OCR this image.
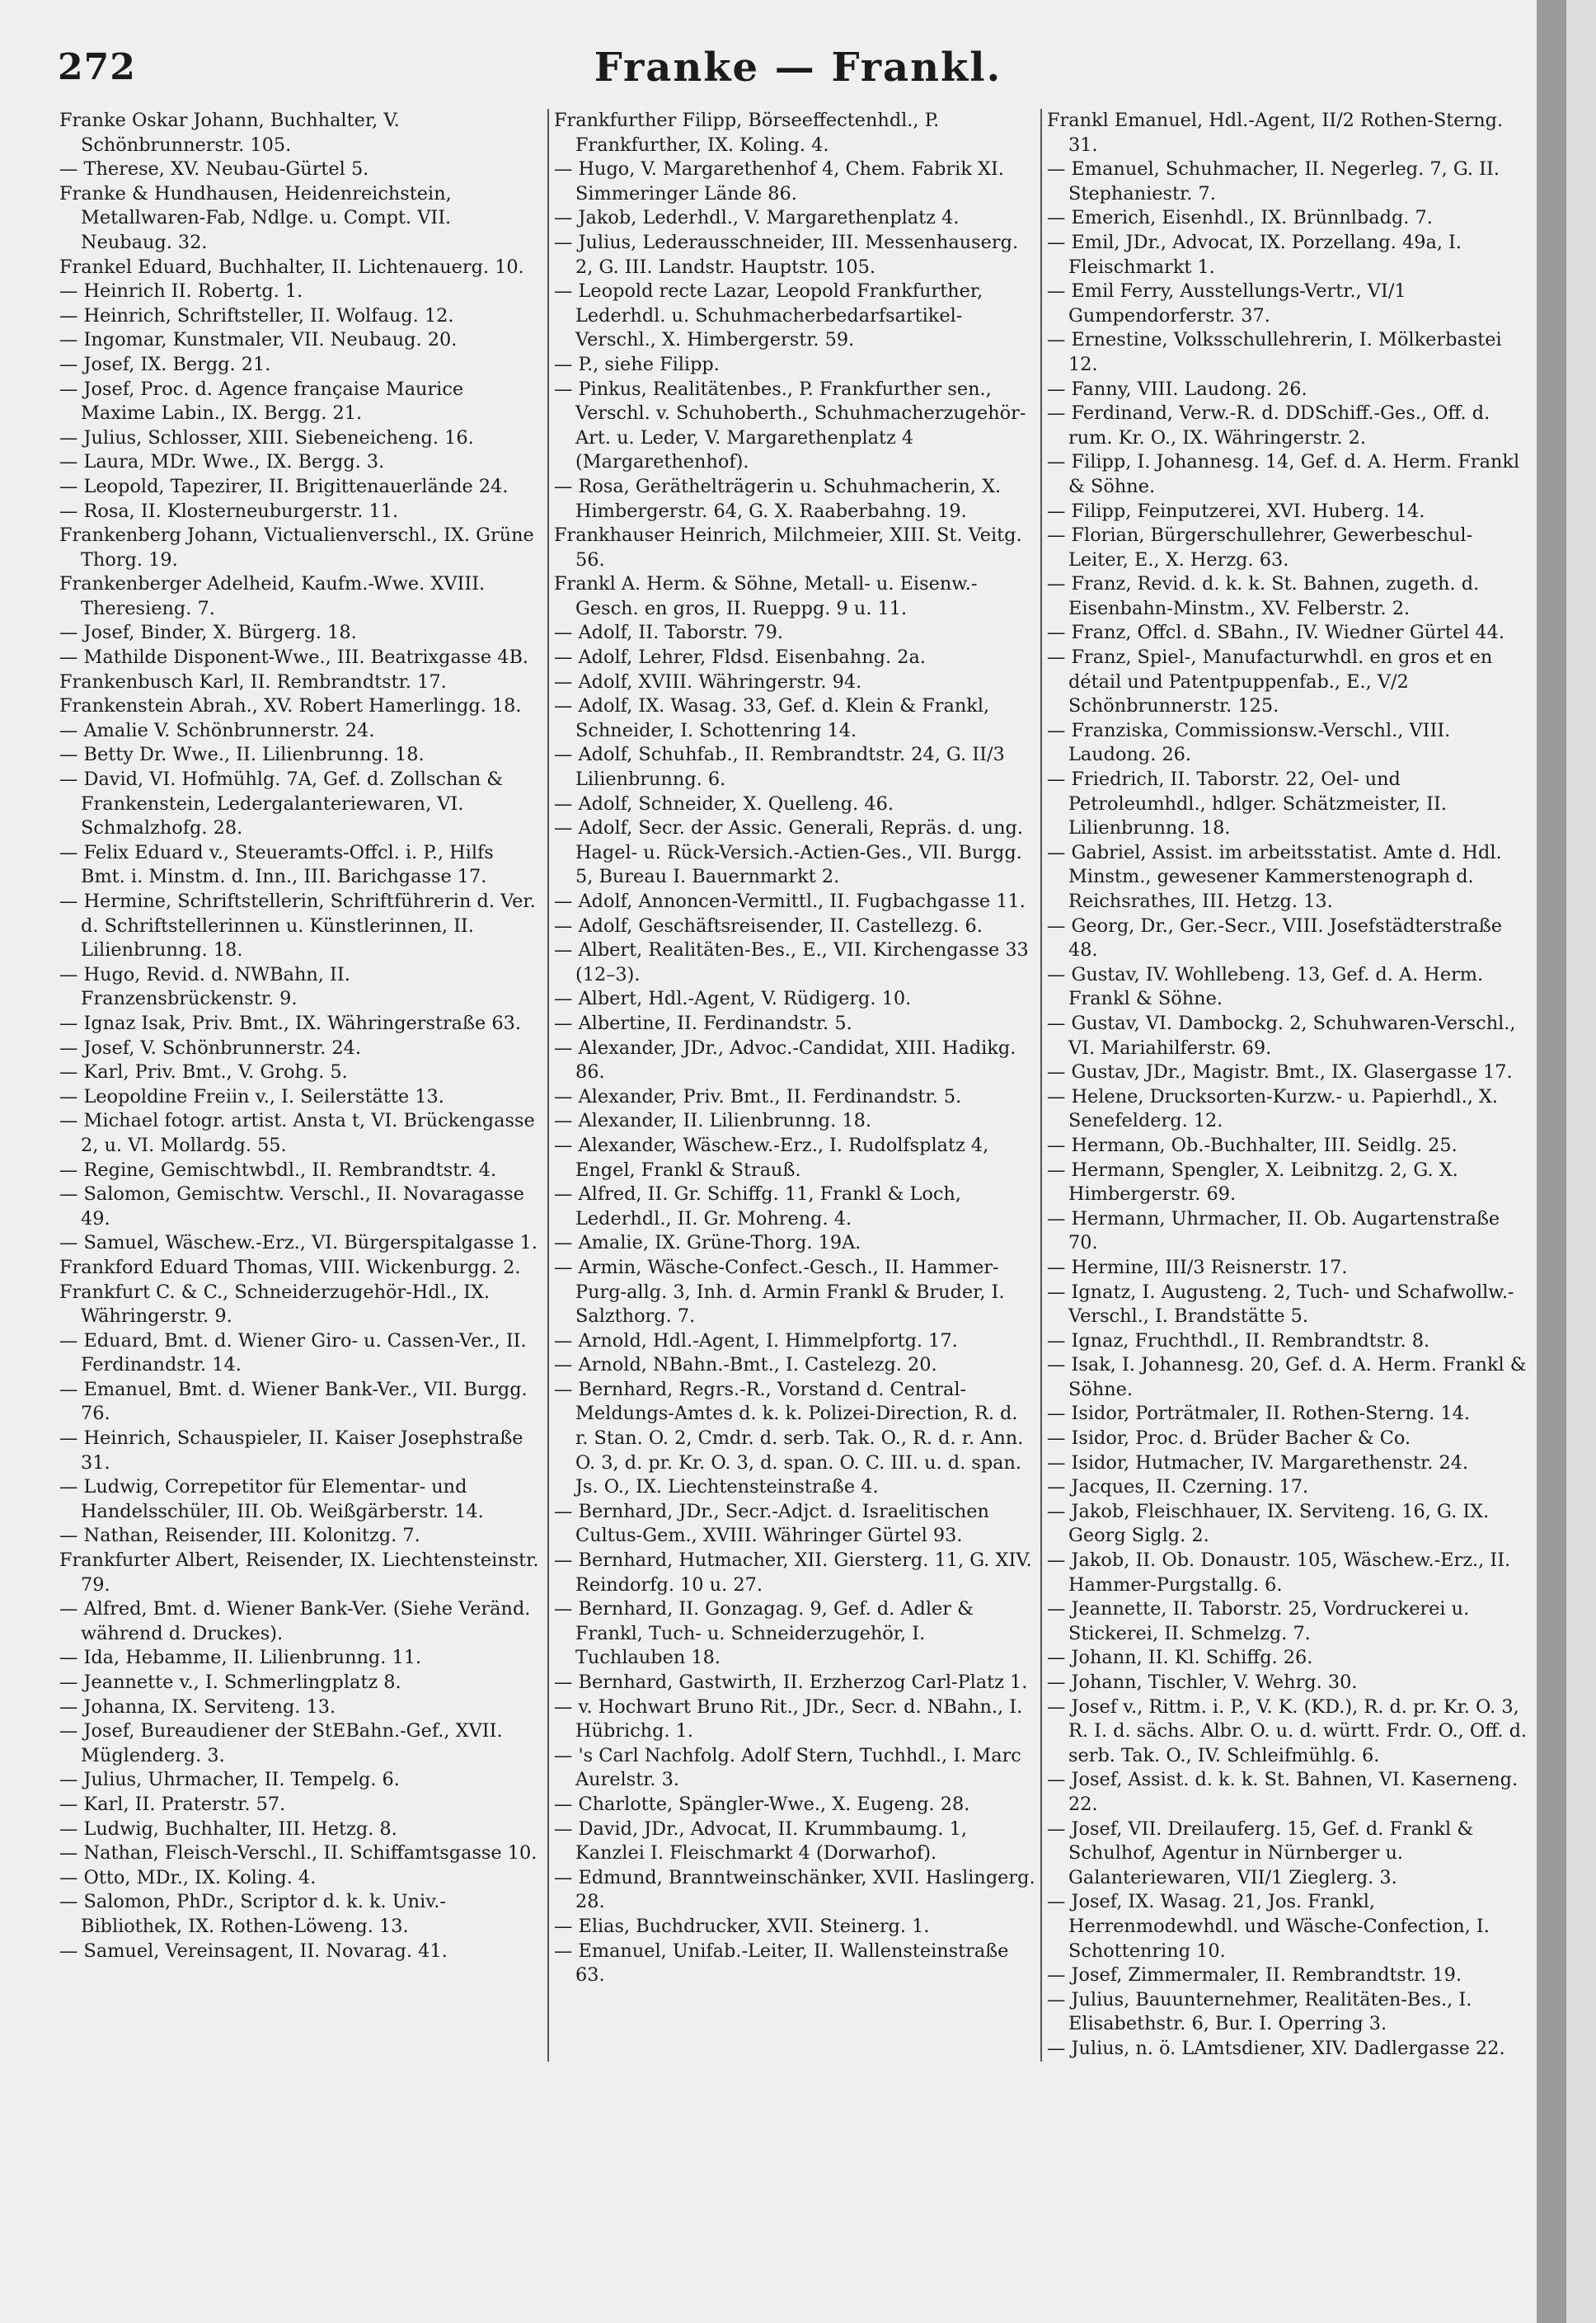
272	Franke — Frankl.
Franke Oskar Johann, Buchhalter, V. Schönbrunnerstr. 105.
— Therese, XV. Neubau-Gürtel 5.
Franke & Hundhausen, Heidenreichstein, Metallwaren-Fab, Ndlge. u. Compt. VII. Neubaug. 32.
Frankel Eduard, Buchhalter, II. Lichtenauerg. 10.
— Heinrich II. Robertg. 1.
— Heinrich, Schriftsteller, II. Wolfaug. 12.
— Ingomar, Kunstmaler, VII. Neubaug. 20.
— Josef, IX. Bergg. 21.
— Josef, Proc. d. Agence française Maurice Maxime Labin., IX. Bergg. 21.
— Julius, Schlosser, XIII. Siebeneicheng. 16.
— Laura, MDr. Wwe., IX. Bergg. 3.
— Leopold, Tapezirer, II. Brigittenauerlände 24.
— Rosa, II. Klosterneuburgerstr. 11.
Frankenberg Johann, Victualienverschl., IX. Grüne Thorg. 19.
Frankenberger Adelheid, Kaufm.-Wwe. XVIII. Theresieng. 7.
— Josef, Binder, X. Bürgerg. 18.
— Mathilde Disponent-Wwe., III. Beatrixgasse 4B.
Frankenbusch Karl, II. Rembrandtstr. 17.
Frankenstein Abrah., XV. Robert Hamerlingg. 18.
— Amalie V. Schönbrunnerstr. 24.
— Betty Dr. Wwe., II. Lilienbrunng. 18.
— David, VI. Hofmühlg. 7A, Gef. d. Zollschan & Frankenstein, Ledergalanteriewaren, VI. Schmalzhofg. 28.
— Felix Eduard v., Steueramts-Offcl. i. P., Hilfs Bmt. i. Minstm. d. Inn., III. Barichgasse 17.
— Hermine, Schriftstellerin, Schriftführerin d. Ver. d. Schriftstellerinnen u. Künstlerinnen, II. Lilienbrunng. 18.
— Hugo, Revid. d. NWBahn, II. Franzensbrückenstr. 9.
— Ignaz Isak, Priv. Bmt., IX. Währingerstraße 63.
— Josef, V. Schönbrunnerstr. 24.
— Karl, Priv. Bmt., V. Grohg. 5.
— Leopoldine Freiin v., I. Seilerstätte 13.
— Michael fotogr. artist. Ansta t, VI. Brückengasse 2, u. VI. Mollardg. 55.
— Regine, Gemischtwbdl., II. Rembrandtstr. 4.
— Salomon, Gemischtw. Verschl., II. Novaragasse 49.
— Samuel, Wäschew.-Erz., VI. Bürgerspitalgasse 1.
Frankford Eduard Thomas, VIII. Wickenburgg. 2.
Frankfurt C. & C., Schneiderzugehör-Hdl., IX. Währingerstr. 9.
— Eduard, Bmt. d. Wiener Giro- u. Cassen-Ver., II. Ferdinandstr. 14.
— Emanuel, Bmt. d. Wiener Bank-Ver., VII. Burgg. 76.
— Heinrich, Schauspieler, II. Kaiser Josephstraße 31.
— Ludwig, Correpetitor für Elementar- und Handelsschüler, III. Ob. Weißgärberstr. 14.
— Nathan, Reisender, III. Kolonitzg. 7.
Frankfurter Albert, Reisender, IX. Liechtensteinstr. 79.
— Alfred, Bmt. d. Wiener Bank-Ver. (Siehe Veränd. während d. Druckes).
— Ida, Hebamme, II. Lilienbrunng. 11.
— Jeannette v., I. Schmerlingplatz 8.
— Johanna, IX. Serviteng. 13.
— Josef, Bureaudiener der StEBahn.-Gef., XVII. Müglenderg. 3.
— Julius, Uhrmacher, II. Tempelg. 6.
— Karl, II. Praterstr. 57.
— Ludwig, Buchhalter, III. Hetzg. 8.
— Nathan, Fleisch-Verschl., II. Schiffamtsgasse 10.
— Otto, MDr., IX. Koling. 4.
— Salomon, PhDr., Scriptor d. k. k. Univ.-Bibliothek, IX. Rothen-Löweng. 13.
— Samuel, Vereinsagent, II. Novarag. 41.
Frankfurther Filipp, Börseeffectenhdl., P. Frankfurther, IX. Koling. 4.
— Hugo, V. Margarethenhof 4, Chem. Fabrik XI. Simmeringer Lände 86.
— Jakob, Lederhdl., V. Margarethenplatz 4.
— Julius, Lederausschneider, III. Messenhauserg. 2, G. III. Landstr. Hauptstr. 105.
— Leopold recte Lazar, Leopold Frankfurther, Lederhdl. u. Schuhmacherbedarfsartikel-Verschl., X. Himbergerstr. 59.
— P., siehe Filipp.
— Pinkus, Realitätenbes., P. Frankfurther sen., Verschl. v. Schuhoberth., Schuhmacherzugehör-Art. u. Leder, V. Margarethenplatz 4 (Margarethenhof).
— Rosa, Geräthelträgerin u. Schuhmacherin, X. Himbergerstr. 64, G. X. Raaberbahng. 19.
Frankhauser Heinrich, Milchmeier, XIII. St. Veitg. 56.
Frankl A. Herm. & Söhne, Metall- u. Eisenw.-Gesch. en gros, II. Rueppg. 9 u. 11.
— Adolf, II. Taborstr. 79.
— Adolf, Lehrer, Fldsd. Eisenbahng. 2a.
— Adolf, XVIII. Währingerstr. 94.
— Adolf, IX. Wasag. 33, Gef. d. Klein & Frankl, Schneider, I. Schottenring 14.
— Adolf, Schuhfab., II. Rembrandtstr. 24, G. II/3 Lilienbrunng. 6.
— Adolf, Schneider, X. Quelleng. 46.
— Adolf, Secr. der Assic. Generali, Repräs. d. ung. Hagel- u. Rück-Versich.-Actien-Ges., VII. Burgg. 5, Bureau I. Bauernmarkt 2.
— Adolf, Annoncen-Vermittl., II. Fugbachgasse 11.
— Adolf, Geschäftsreisender, II. Castellezg. 6.
— Albert, Realitäten-Bes., E., VII. Kirchengasse 33 (12–3).
— Albert, Hdl.-Agent, V. Rüdigerg. 10.
— Albertine, II. Ferdinandstr. 5.
— Alexander, JDr., Advoc.-Candidat, XIII. Hadikg. 86.
— Alexander, Priv. Bmt., II. Ferdinandstr. 5.
— Alexander, II. Lilienbrunng. 18.
— Alexander, Wäschew.-Erz., I. Rudolfsplatz 4, Engel, Frankl & Strauß.
— Alfred, II. Gr. Schiffg. 11, Frankl & Loch, Lederhdl., II. Gr. Mohreng. 4.
— Amalie, IX. Grüne-Thorg. 19A.
— Armin, Wäsche-Confect.-Gesch., II. Hammer-Purg-allg. 3, Inh. d. Armin Frankl & Bruder, I. Salzthorg. 7.
— Arnold, Hdl.-Agent, I. Himmelpfortg. 17.
— Arnold, NBahn.-Bmt., I. Castelezg. 20.
— Bernhard, Regrs.-R., Vorstand d. Central-Meldungs-Amtes d. k. k. Polizei-Direction, R. d. r. Stan. O. 2, Cmdr. d. serb. Tak. O., R. d. r. Ann. O. 3, d. pr. Kr. O. 3, d. span. O. C. III. u. d. span. Js. O., IX. Liechtensteinstraße 4.
— Bernhard, JDr., Secr.-Adjct. d. Israelitischen Cultus-Gem., XVIII. Währinger Gürtel 93.
— Bernhard, Hutmacher, XII. Giersterg. 11, G. XIV. Reindorfg. 10 u. 27.
— Bernhard, II. Gonzagag. 9, Gef. d. Adler & Frankl, Tuch- u. Schneiderzugehör, I. Tuchlauben 18.
— Bernhard, Gastwirth, II. Erzherzog Carl-Platz 1.
— v. Hochwart Bruno Rit., JDr., Secr. d. NBahn., I. Hübrichg. 1.
— 's Carl Nachfolg. Adolf Stern, Tuchhdl., I. Marc Aurelstr. 3.
— Charlotte, Spängler-Wwe., X. Eugeng. 28.
— David, JDr., Advocat, II. Krummbaumg. 1, Kanzlei I. Fleischmarkt 4 (Dorwarhof).
— Edmund, Branntweinschänker, XVII. Haslingerg. 28.
— Elias, Buchdrucker, XVII. Steinerg. 1.
— Emanuel, Unifab.-Leiter, II. Wallensteinstraße 63.
Frankl Emanuel, Hdl.-Agent, II/2 Rothen-Sterng. 31.
— Emanuel, Schuhmacher, II. Negerleg. 7, G. II. Stephaniestr. 7.
— Emerich, Eisenhdl., IX. Brünnlbadg. 7.
— Emil, JDr., Advocat, IX. Porzellang. 49a, I. Fleischmarkt 1.
— Emil Ferry, Ausstellungs-Vertr., VI/1 Gumpendorferstr. 37.
— Ernestine, Volksschullehrerin, I. Mölkerbastei 12.
— Fanny, VIII. Laudong. 26.
— Ferdinand, Verw.-R. d. DDSchiff.-Ges., Off. d. rum. Kr. O., IX. Währingerstr. 2.
— Filipp, I. Johannesg. 14, Gef. d. A. Herm. Frankl & Söhne.
— Filipp, Feinputzerei, XVI. Huberg. 14.
— Florian, Bürgerschullehrer, Gewerbeschul-Leiter, E., X. Herzg. 63.
— Franz, Revid. d. k. k. St. Bahnen, zugeth. d. Eisenbahn-Minstm., XV. Felberstr. 2.
— Franz, Offcl. d. SBahn., IV. Wiedner Gürtel 44.
— Franz, Spiel-, Manufacturwhdl. en gros et en détail und Patentpuppenfab., E., V/2 Schönbrunnerstr. 125.
— Franziska, Commissionsw.-Verschl., VIII. Laudong. 26.
— Friedrich, II. Taborstr. 22, Oel- und Petroleumhdl., hdlger. Schätzmeister, II. Lilienbrunng. 18.
— Gabriel, Assist. im arbeitsstatist. Amte d. Hdl. Minstm., gewesener Kammerstenograph d. Reichsrathes, III. Hetzg. 13.
— Georg, Dr., Ger.-Secr., VIII. Josefstädterstraße 48.
— Gustav, IV. Wohllebeng. 13, Gef. d. A. Herm. Frankl & Söhne.
— Gustav, VI. Dambockg. 2, Schuhwaren-Verschl., VI. Mariahilferstr. 69.
— Gustav, JDr., Magistr. Bmt., IX. Glasergasse 17.
— Helene, Drucksorten-Kurzw.- u. Papierhdl., X. Senefelderg. 12.
— Hermann, Ob.-Buchhalter, III. Seidlg. 25.
— Hermann, Spengler, X. Leibnitzg. 2, G. X. Himbergerstr. 69.
— Hermann, Uhrmacher, II. Ob. Augartenstraße 70.
— Hermine, III/3 Reisnerstr. 17.
— Ignatz, I. Augusteng. 2, Tuch- und Schafwollw.-Verschl., I. Brandstätte 5.
— Ignaz, Fruchthdl., II. Rembrandtstr. 8.
— Isak, I. Johannesg. 20, Gef. d. A. Herm. Frankl & Söhne.
— Isidor, Porträtmaler, II. Rothen-Sterng. 14.
— Isidor, Proc. d. Brüder Bacher & Co.
— Isidor, Hutmacher, IV. Margarethenstr. 24.
— Jacques, II. Czerning. 17.
— Jakob, Fleischhauer, IX. Serviteng. 16, G. IX. Georg Siglg. 2.
— Jakob, II. Ob. Donaustr. 105, Wäschew.-Erz., II. Hammer-Purgstallg. 6.
— Jeannette, II. Taborstr. 25, Vordruckerei u. Stickerei, II. Schmelzg. 7.
— Johann, II. Kl. Schiffg. 26.
— Johann, Tischler, V. Wehrg. 30.
— Josef v., Rittm. i. P., V. K. (KD.), R. d. pr. Kr. O. 3, R. I. d. sächs. Albr. O. u. d. württ. Frdr. O., Off. d. serb. Tak. O., IV. Schleifmühlg. 6.
— Josef, Assist. d. k. k. St. Bahnen, VI. Kaserneng. 22.
— Josef, VII. Dreilauferg. 15, Gef. d. Frankl & Schulhof, Agentur in Nürnberger u. Galanteriewaren, VII/1 Zieglerg. 3.
— Josef, IX. Wasag. 21, Jos. Frankl, Herrenmodewhdl. und Wäsche-Confection, I. Schottenring 10.
— Josef, Zimmermaler, II. Rembrandtstr. 19.
— Julius, Bauunternehmer, Realitäten-Bes., I. Elisabethstr. 6, Bur. I. Operring 3.
— Julius, n. ö. LAmtsdiener, XIV. Dadlergasse 22.
